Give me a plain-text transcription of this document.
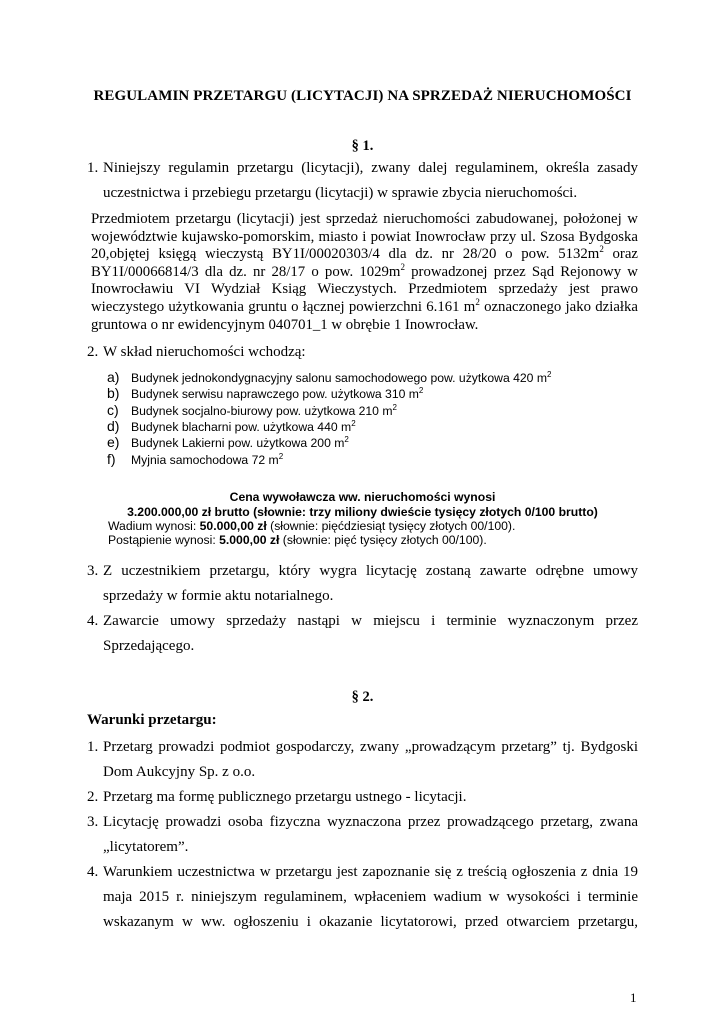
REGULAMIN PRZETARGU (LICYTACJI) NA SPRZEDAŻ NIERUCHOMOŚCI
§ 1.
1. Niniejszy regulamin przetargu (licytacji), zwany dalej regulaminem, określa zasady
uczestnictwa i przebiegu przetargu (licytacji) w sprawie zbycia nieruchomości.
Przedmiotem przetargu (licytacji) jest sprzedaż nieruchomości zabudowanej, położonej w województwie kujawsko-pomorskim, miasto i powiat Inowrocław przy ul. Szosa Bydgoska 20,objętej księgą wieczystą BY1I/00020303/4 dla dz. nr 28/20 o pow. $5132m^2$ oraz BY1I/00066814/3 dla dz. nr 28/17 o pow. $1029m^2$ prowadzonej przez Sąd Rejonowy w Inowrocławiu VI Wydział Ksiąg Wieczystych. Przedmiotem sprzedaży jest prawo wieczystego użytkowania gruntu o łącznej powierzchni 6.161 $m^2$ oznaczonego jako działka gruntowa o nr ewidencyjnym 040701_1 w obrębie 1 Inowrocław.
2. W skład nieruchomości wchodzą:
a) Budynek jednokondygnacyjny salonu samochodowego pow. użytkowa 420 $m^2$
b) Budynek serwisu naprawczego pow. użytkowa 310 $m^2$
c) Budynek socjalno-biurowy pow. użytkowa 210 $m^2$
d) Budynek blacharni pow. użytkowa 440 $m^2$
e) Budynek Lakierni pow. użytkowa 200 $m^2$
f) Myjnia samochodowa 72 $m^2$
Cena wywoławcza ww. nieruchomości wynosi
3.200.000,00 zł brutto (słownie: trzy miliony dwieście tysięcy złotych 0/100 brutto)
Wadium wynosi: 50.000,00 zł (słownie: pięćdziesiąt tysięcy złotych 00/100).
Postąpienie wynosi: 5.000,00 zł (słownie: pięć tysięcy złotych 00/100).
3. Z uczestnikiem przetargu, który wygra licytację zostaną zawarte odrębne umowy
sprzedaży w formie aktu notarialnego.
4. Zawarcie umowy sprzedaży nastąpi w miejscu i terminie wyznaczonym przez
Sprzedającego.
§ 2.
Warunki przetargu:
1. Przetarg prowadzi podmiot gospodarczy, zwany „prowadzącym przetarg” tj. Bydgoski
Dom Aukcyjny Sp. z o.o.
2. Przetarg ma formę publicznego przetargu ustnego - licytacji.
3. Licytację prowadzi osoba fizyczna wyznaczona przez prowadzącego przetarg, zwana
„licytatorem”.
4. Warunkiem uczestnictwa w przetargu jest zapoznanie się z treścią ogłoszenia z dnia 19
maja 2015 r. niniejszym regulaminem, wpłaceniem wadium w wysokości i terminie
wskazanym w ww. ogłoszeniu i okazanie licytatorowi, przed otwarciem przetargu,
1
